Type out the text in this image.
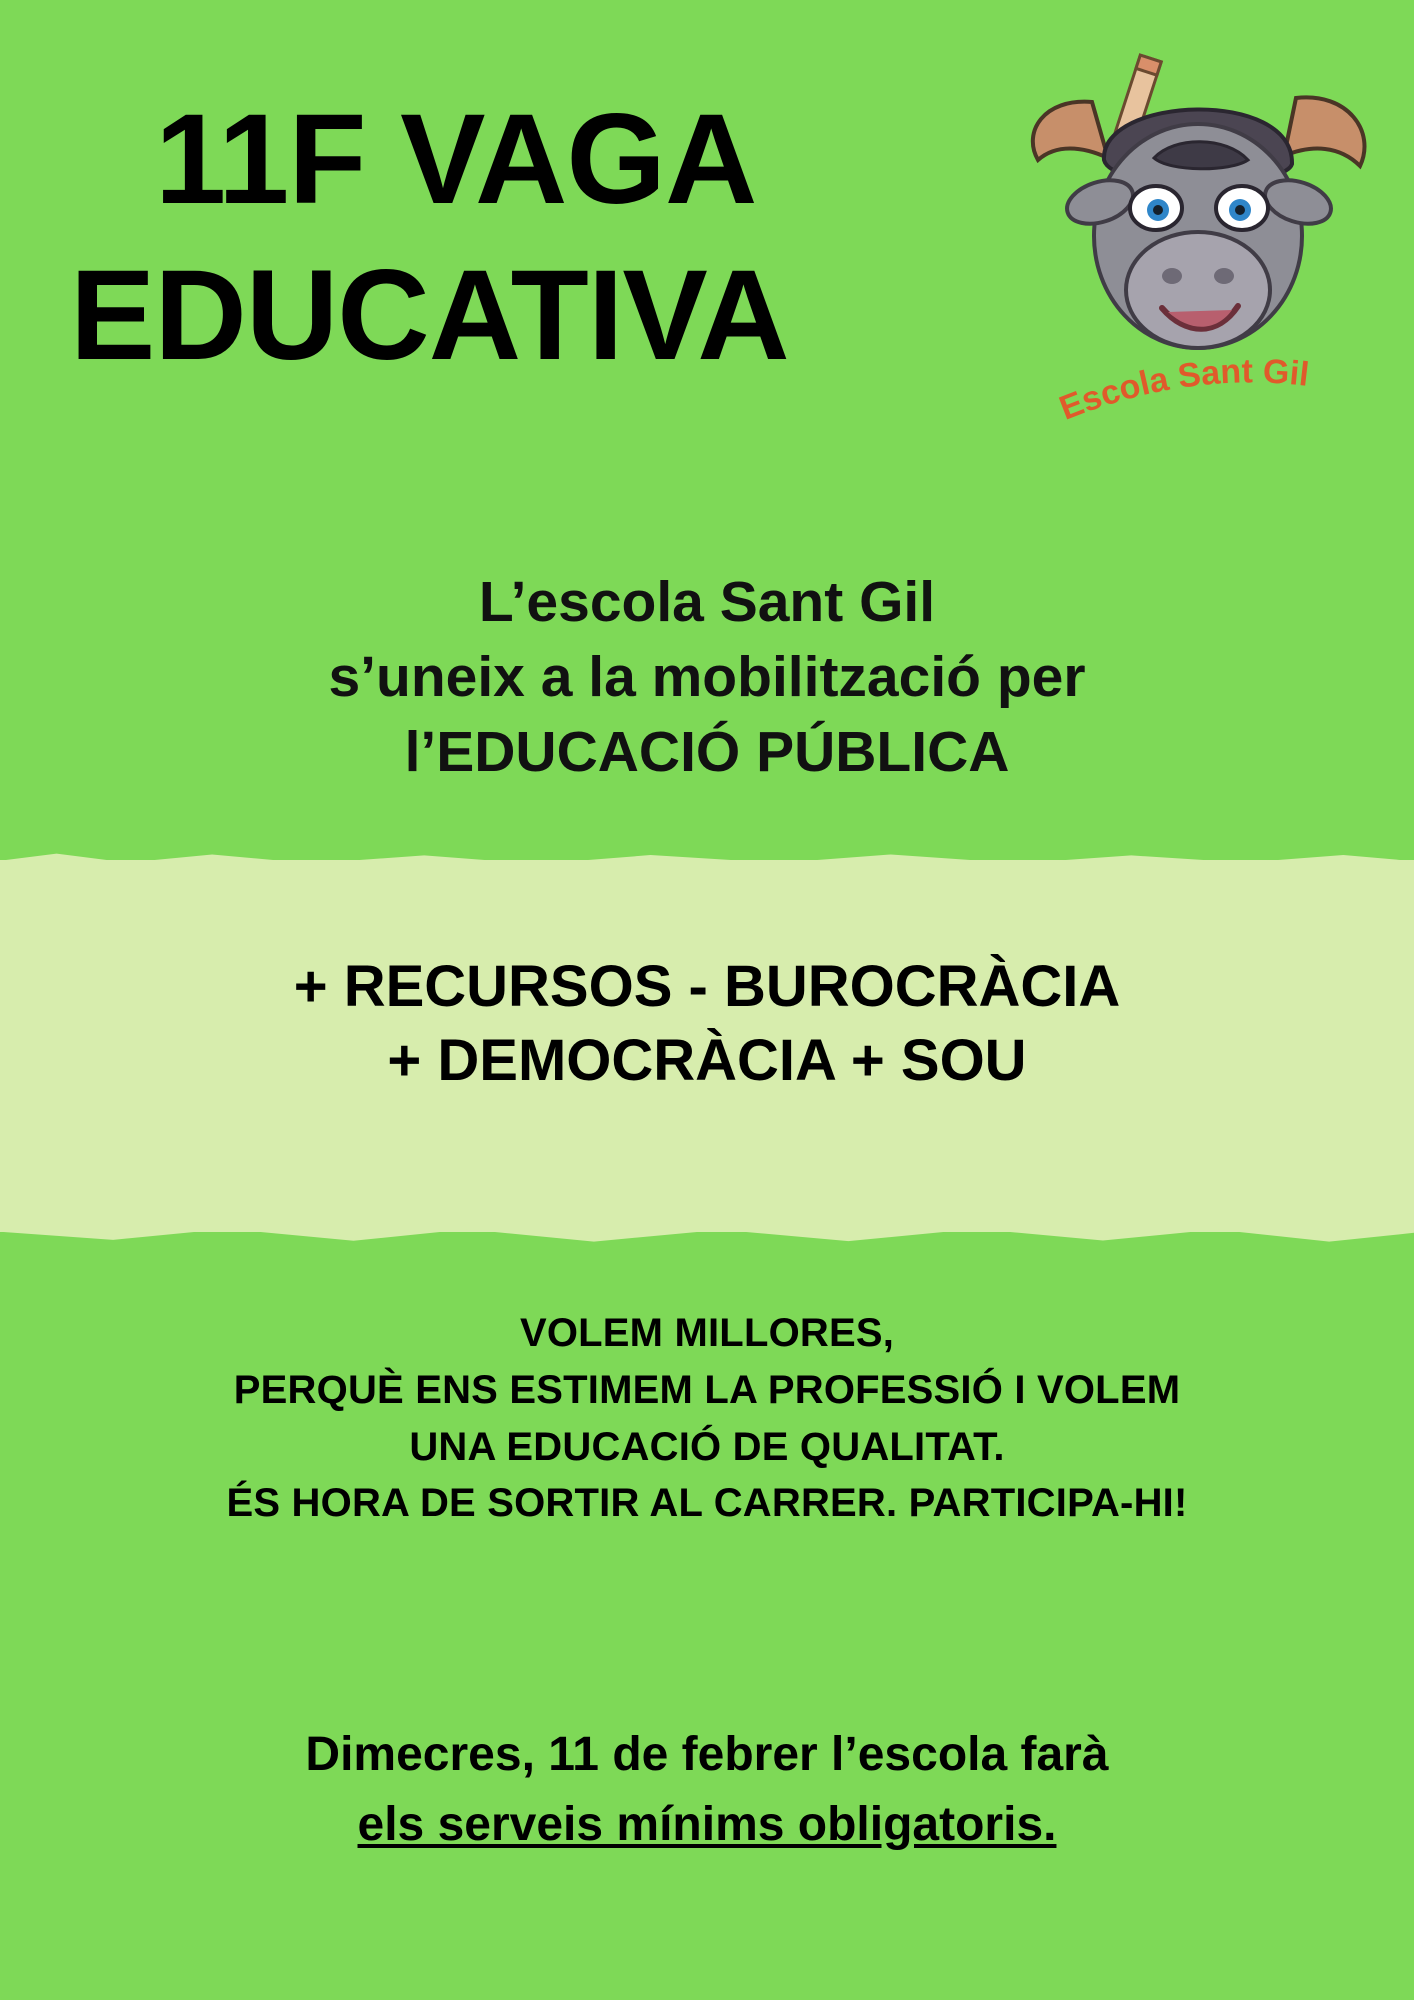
11F VAGA
EDUCATIVA
Escola Sant Gil
L’escola Sant Gil
s’uneix a la mobilització per
l’EDUCACIÓ PÚBLICA
+ RECURSOS - BUROCRÀCIA
+ DEMOCRÀCIA + SOU
VOLEM MILLORES,
PERQUÈ ENS ESTIMEM LA PROFESSIÓ I VOLEM
UNA EDUCACIÓ DE QUALITAT.
ÉS HORA DE SORTIR AL CARRER. PARTICIPA-HI!
Dimecres, 11 de febrer l’escola farà
els serveis mínims obligatoris.
